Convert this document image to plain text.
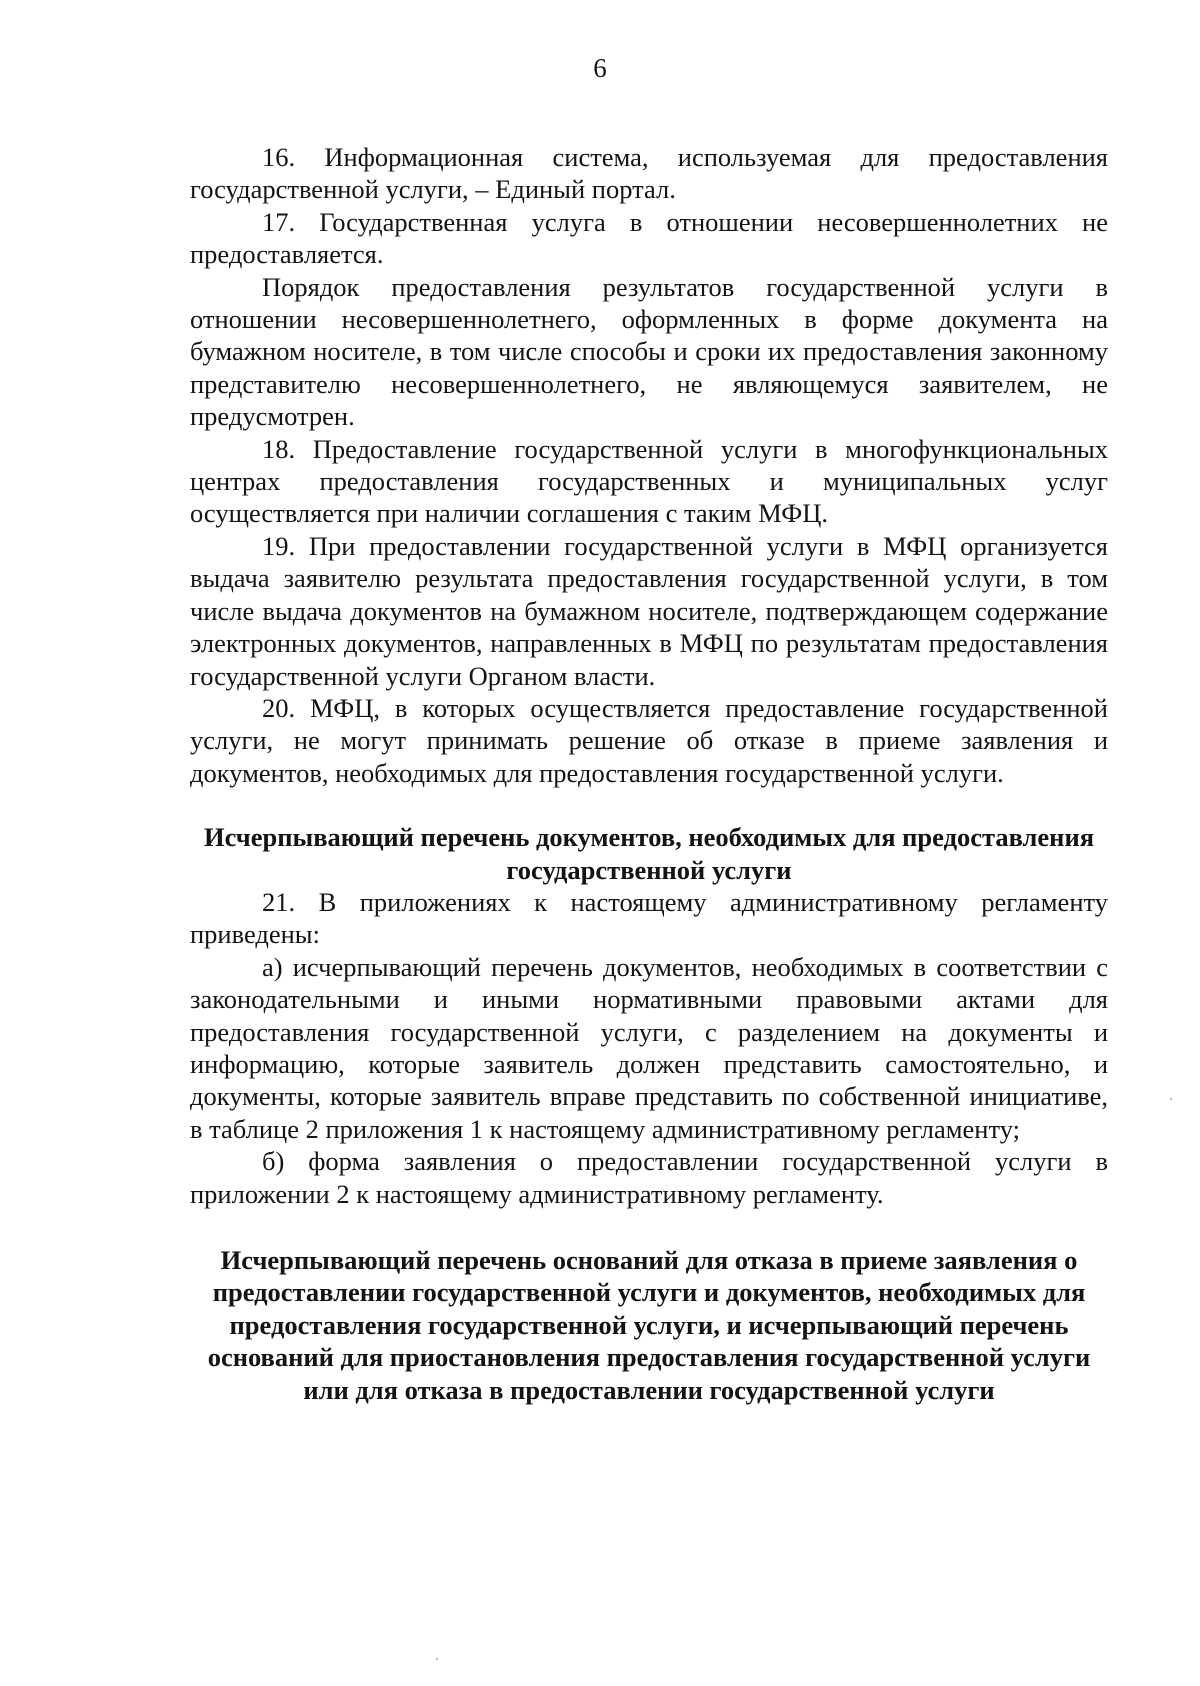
6

16. Информационная система, используемая для предоставления государственной услуги, – Единый портал.

17. Государственная услуга в отношении несовершеннолетних не предоставляется.

Порядок предоставления результатов государственной услуги в отношении несовершеннолетнего, оформленных в форме документа на бумажном носителе, в том числе способы и сроки их предоставления законному представителю несовершеннолетнего, не являющемуся заявителем, не предусмотрен.

18. Предоставление государственной услуги в многофункциональных центрах предоставления государственных и муниципальных услуг осуществляется при наличии соглашения с таким МФЦ.

19. При предоставлении государственной услуги в МФЦ организуется выдача заявителю результата предоставления государственной услуги, в том числе выдача документов на бумажном носителе, подтверждающем содержание электронных документов, направленных в МФЦ по результатам предоставления государственной услуги Органом власти.

20. МФЦ, в которых осуществляется предоставление государственной услуги, не могут принимать решение об отказе в приеме заявления и документов, необходимых для предоставления государственной услуги.

Исчерпывающий перечень документов, необходимых для предоставления государственной услуги

21. В приложениях к настоящему административному регламенту приведены:

а) исчерпывающий перечень документов, необходимых в соответствии с законодательными и иными нормативными правовыми актами для предоставления государственной услуги, с разделением на документы и информацию, которые заявитель должен представить самостоятельно, и документы, которые заявитель вправе представить по собственной инициативе, в таблице 2 приложения 1 к настоящему административному регламенту;

б) форма заявления о предоставлении государственной услуги в приложении 2 к настоящему административному регламенту.

Исчерпывающий перечень оснований для отказа в приеме заявления о предоставлении государственной услуги и документов, необходимых для предоставления государственной услуги, и исчерпывающий перечень оснований для приостановления предоставления государственной услуги или для отказа в предоставлении государственной услуги
